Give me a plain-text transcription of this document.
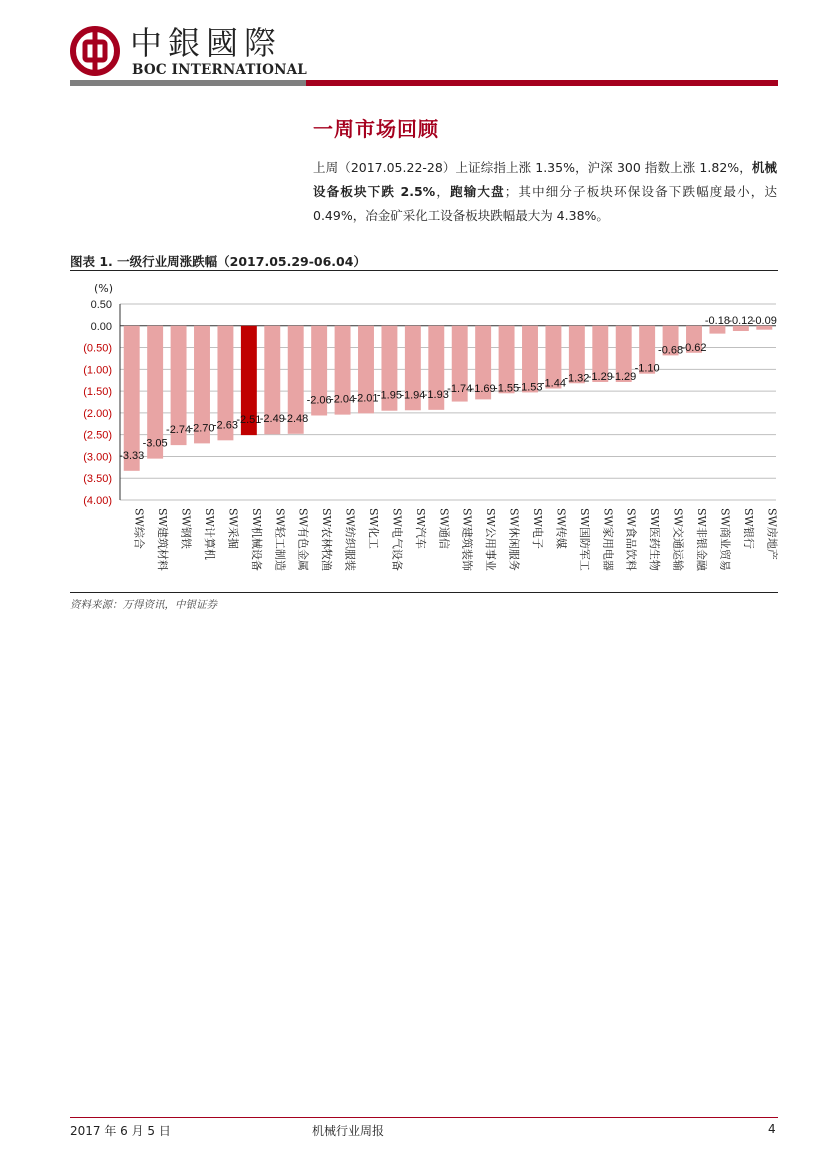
中銀國際
BOC INTERNATIONAL
一周市场回顾
上周（2017.05.22-28）上证综指上涨 1.35%，沪深 300 指数上涨 1.82%，机械设备板块下跌 2.5%，跑输大盘；其中细分子板块环保设备下跌幅度最小，达 0.49%，冶金矿采化工设备板块跌幅最大为 4.38%。
图表 1. 一级行业周涨跌幅（2017.05.29-06.04）
(%)
0.50
0.00
(0.50)
(1.00)
(1.50)
(2.00)
(2.50)
(3.00)
(3.50)
(4.00)
-3.33
SW综合
-3.05
SW建筑材料
-2.74
SW钢铁
-2.70
SW计算机
-2.63
SW采掘
-2.51
SW机械设备
-2.49
SW轻工制造
-2.48
SW有色金属
-2.06
SW农林牧渔
-2.04
SW纺织服装
-2.01
SW化工
-1.95
SW电气设备
-1.94
SW汽车
-1.93
SW通信
-1.74
SW建筑装饰
-1.69
SW公用事业
-1.55
SW休闲服务
-1.53
SW电子
-1.44
SW传媒
-1.32
SW国防军工
-1.29
SW家用电器
-1.29
SW食品饮料
-1.10
SW医药生物
-0.68
SW交通运输
-0.62
SW非银金融
-0.18
SW商业贸易
-0.12
SW银行
-0.09
SW房地产
资料来源：万得资讯，中银证券
2017 年 6 月 5 日	机械行业周报	4
